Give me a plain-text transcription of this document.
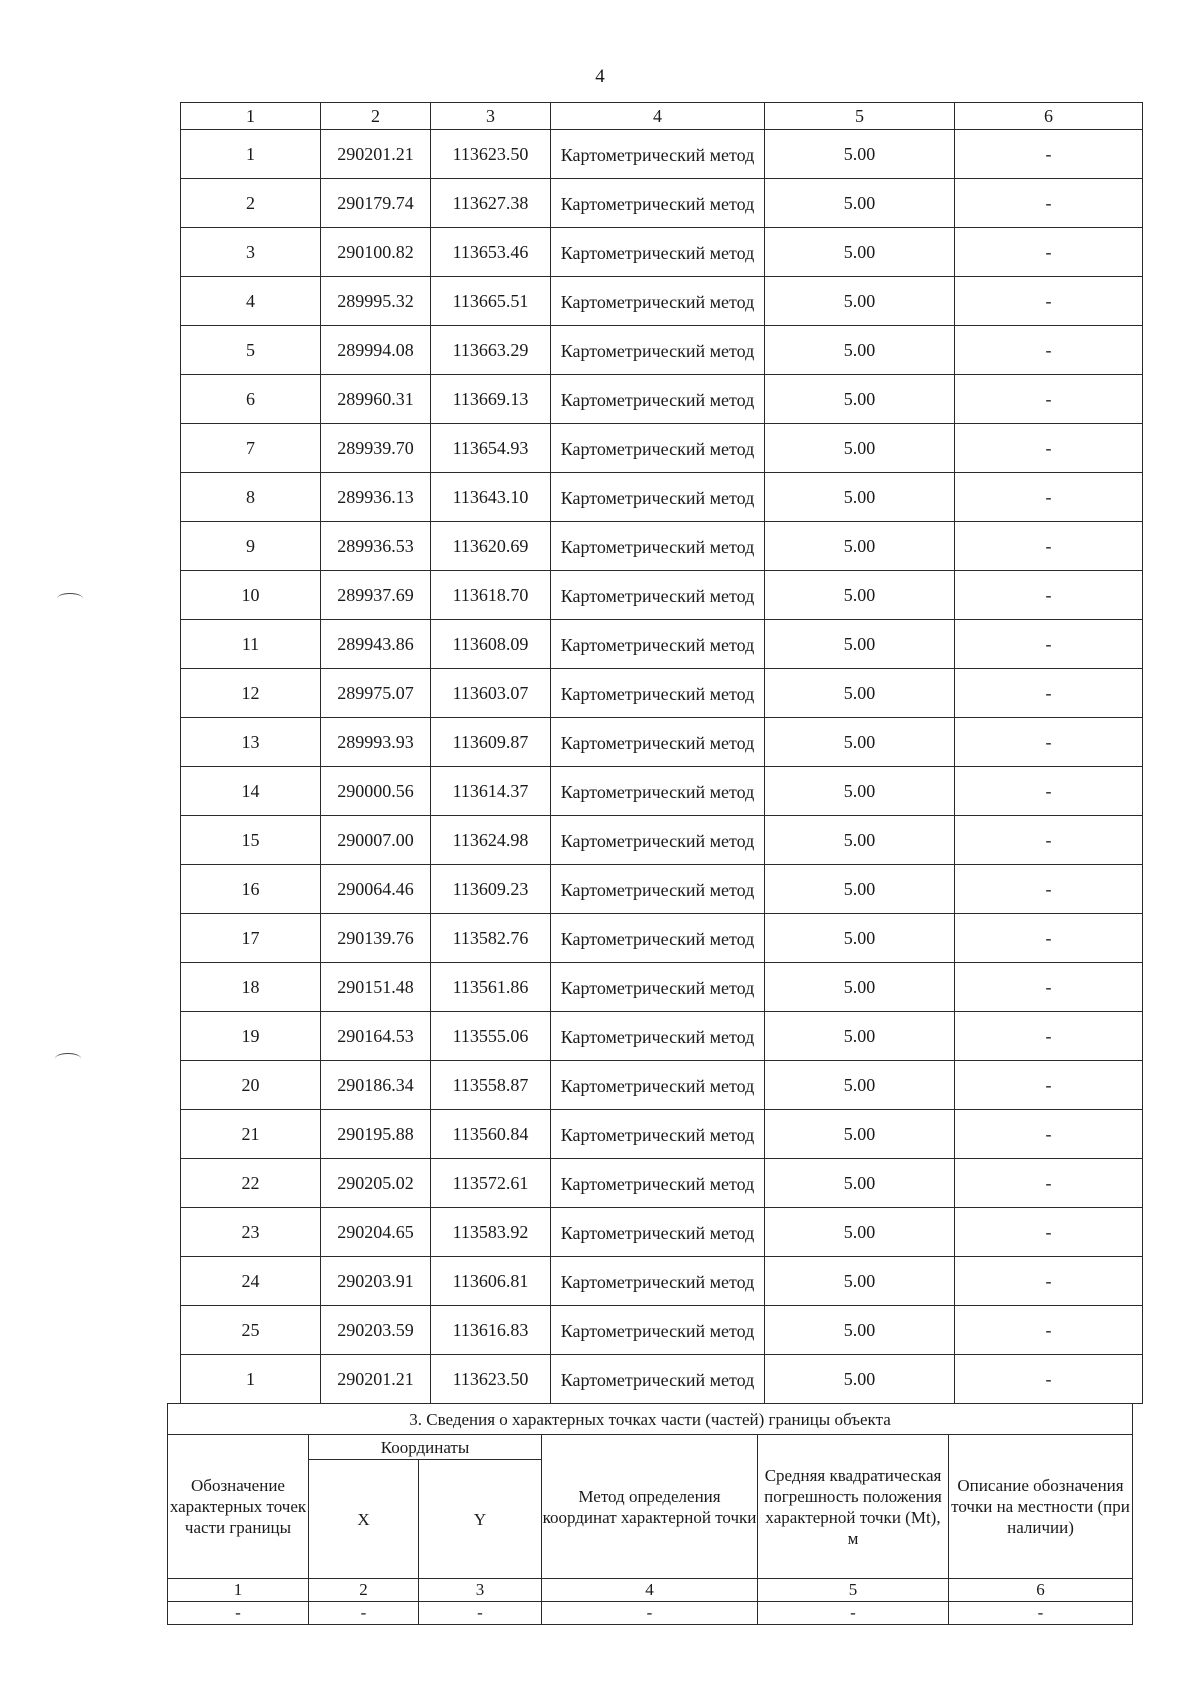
4
1	2	3	4	5	6
1	290201.21	113623.50	Картометрический метод	5.00	-
2	290179.74	113627.38	Картометрический метод	5.00	-
3	290100.82	113653.46	Картометрический метод	5.00	-
4	289995.32	113665.51	Картометрический метод	5.00	-
5	289994.08	113663.29	Картометрический метод	5.00	-
6	289960.31	113669.13	Картометрический метод	5.00	-
7	289939.70	113654.93	Картометрический метод	5.00	-
8	289936.13	113643.10	Картометрический метод	5.00	-
9	289936.53	113620.69	Картометрический метод	5.00	-
10	289937.69	113618.70	Картометрический метод	5.00	-
11	289943.86	113608.09	Картометрический метод	5.00	-
12	289975.07	113603.07	Картометрический метод	5.00	-
13	289993.93	113609.87	Картометрический метод	5.00	-
14	290000.56	113614.37	Картометрический метод	5.00	-
15	290007.00	113624.98	Картометрический метод	5.00	-
16	290064.46	113609.23	Картометрический метод	5.00	-
17	290139.76	113582.76	Картометрический метод	5.00	-
18	290151.48	113561.86	Картометрический метод	5.00	-
19	290164.53	113555.06	Картометрический метод	5.00	-
20	290186.34	113558.87	Картометрический метод	5.00	-
21	290195.88	113560.84	Картометрический метод	5.00	-
22	290205.02	113572.61	Картометрический метод	5.00	-
23	290204.65	113583.92	Картометрический метод	5.00	-
24	290203.91	113606.81	Картометрический метод	5.00	-
25	290203.59	113616.83	Картометрический метод	5.00	-
1	290201.21	113623.50	Картометрический метод	5.00	-
3. Сведения о характерных точках части (частей) границы объекта					
Обозначение характерных точек части границы	Координаты		Метод определения координат характерной точки	Средняя квадратическая погрешность положения характерной точки (Mt), м	Описание обозначения точки на местности (при наличии)
	X	Y			
1	2	3	4	5	6
-	-	-	-	-	-
